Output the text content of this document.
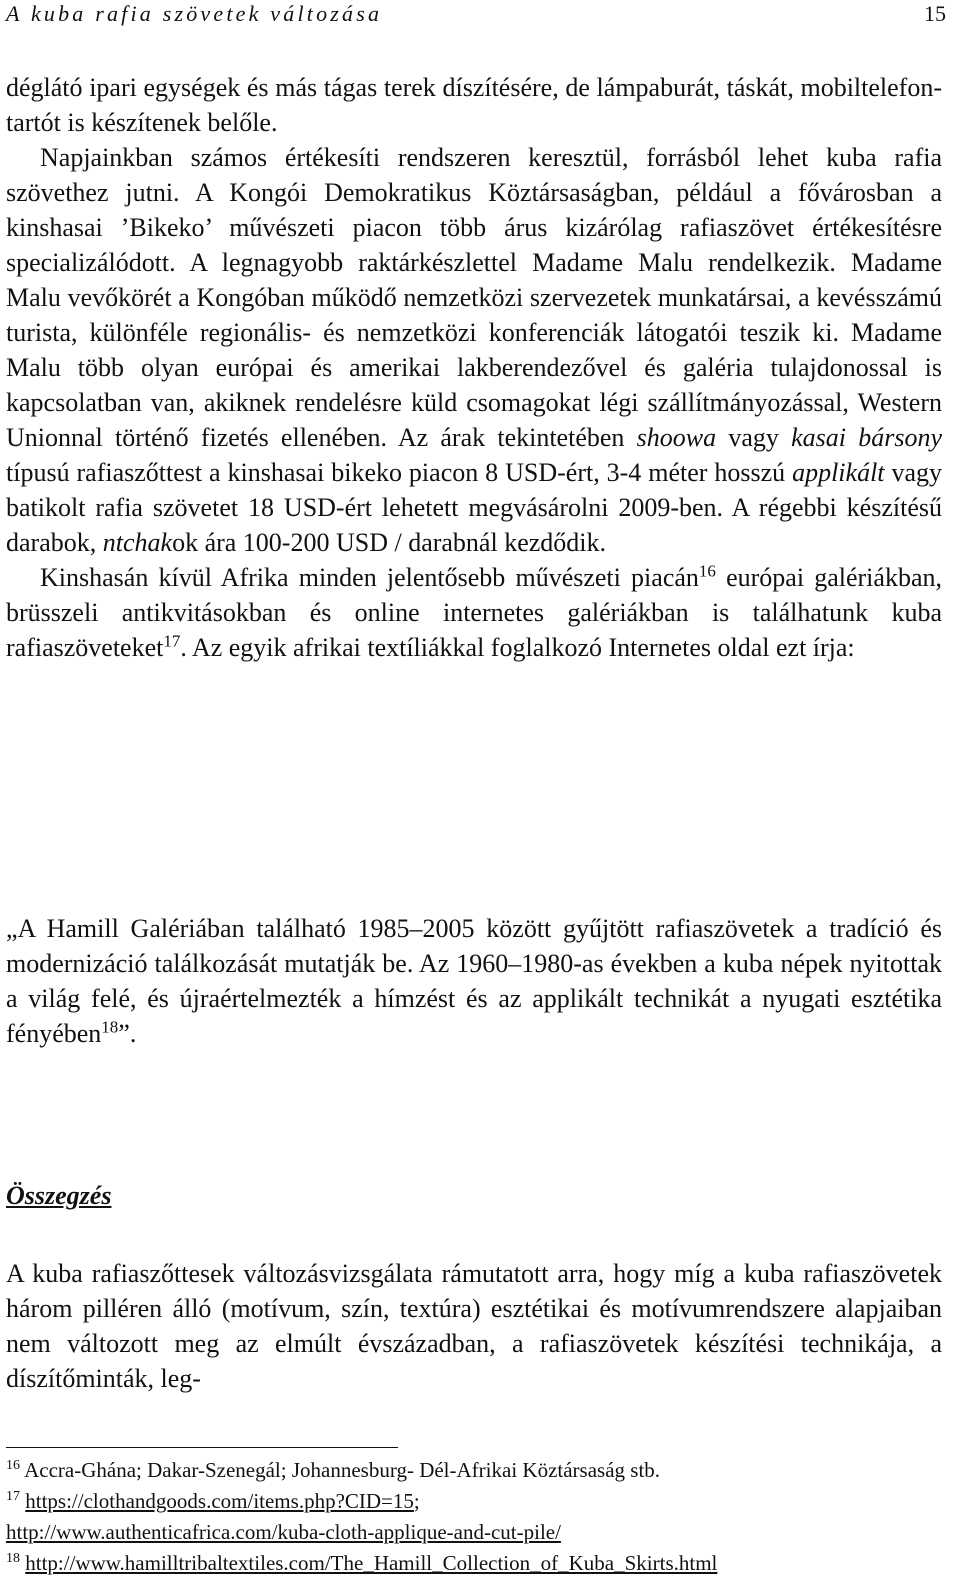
A kuba rafia szövetek változása	15

déglátó ipari egységek és más tágas terek díszítésére, de lámpaburát, táskát, mobiltelefon-tartót is készítenek belőle.

Napjainkban számos értékesíti rendszeren keresztül, forrásból lehet kuba rafia szövethez jutni. A Kongói Demokratikus Köztársaságban, például a fővárosban a kinshasai ’Bikeko’ művészeti piacon több árus kizárólag rafiaszövet értékesítésre specializálódott. A legnagyobb raktárkészlettel Madame Malu rendelkezik. Madame Malu vevőkörét a Kongóban működő nemzetközi szervezetek munkatársai, a kevésszámú turista, különféle regionális- és nemzetközi konferenciák látogatói teszik ki. Madame Malu több olyan európai és amerikai lakberendezővel és galéria tulajdonossal is kapcsolatban van, akiknek rendelésre küld csomagokat légi szállítmányozással, Western Unionnal történő fizetés ellenében. Az árak tekintetében shoowa vagy kasai bársony típusú rafiaszőttest a kinshasai bikeko piacon 8 USD-ért, 3-4 méter hosszú applikált vagy batikolt rafia szövetet 18 USD-ért lehetett megvásárolni 2009-ben. A régebbi készítésű darabok, ntchakok ára 100-200 USD / darabnál kezdődik.

Kinshasán kívül Afrika minden jelentősebb művészeti piacán$^{16}$ európai galériákban, brüsszeli antikvitásokban és online internetes galériákban is találhatunk kuba rafiaszöveteket$^{17}$. Az egyik afrikai textíliákkal foglalkozó Internetes oldal ezt írja:

„A Hamill Galériában található 1985–2005 között gyűjtött rafiaszövetek a tradíció és modernizáció találkozását mutatják be. Az 1960–1980-as években a kuba népek nyitottak a világ felé, és újraértelmezték a hímzést és az applikált technikát a nyugati esztétika fényében$^{18}$”.

Összegzés

A kuba rafiaszőttesek változásvizsgálata rámutatott arra, hogy míg a kuba rafiaszövetek három pilléren álló (motívum, szín, textúra) esztétikai és motívumrendszere alapjaiban nem változott meg az elmúlt évszázadban, a rafiaszövetek készítési technikája, a díszítőminták, leg-

$^{16}$ Accra-Ghána; Dakar-Szenegál; Johannesburg- Dél-Afrikai Köztársaság stb.

$^{17}$ https://clothandgoods.com/items.php?CID=15;

http://www.authenticafrica.com/kuba-cloth-applique-and-cut-pile/

$^{18}$ http://www.hamilltribaltextiles.com/The_Hamill_Collection_of_Kuba_Skirts.html
